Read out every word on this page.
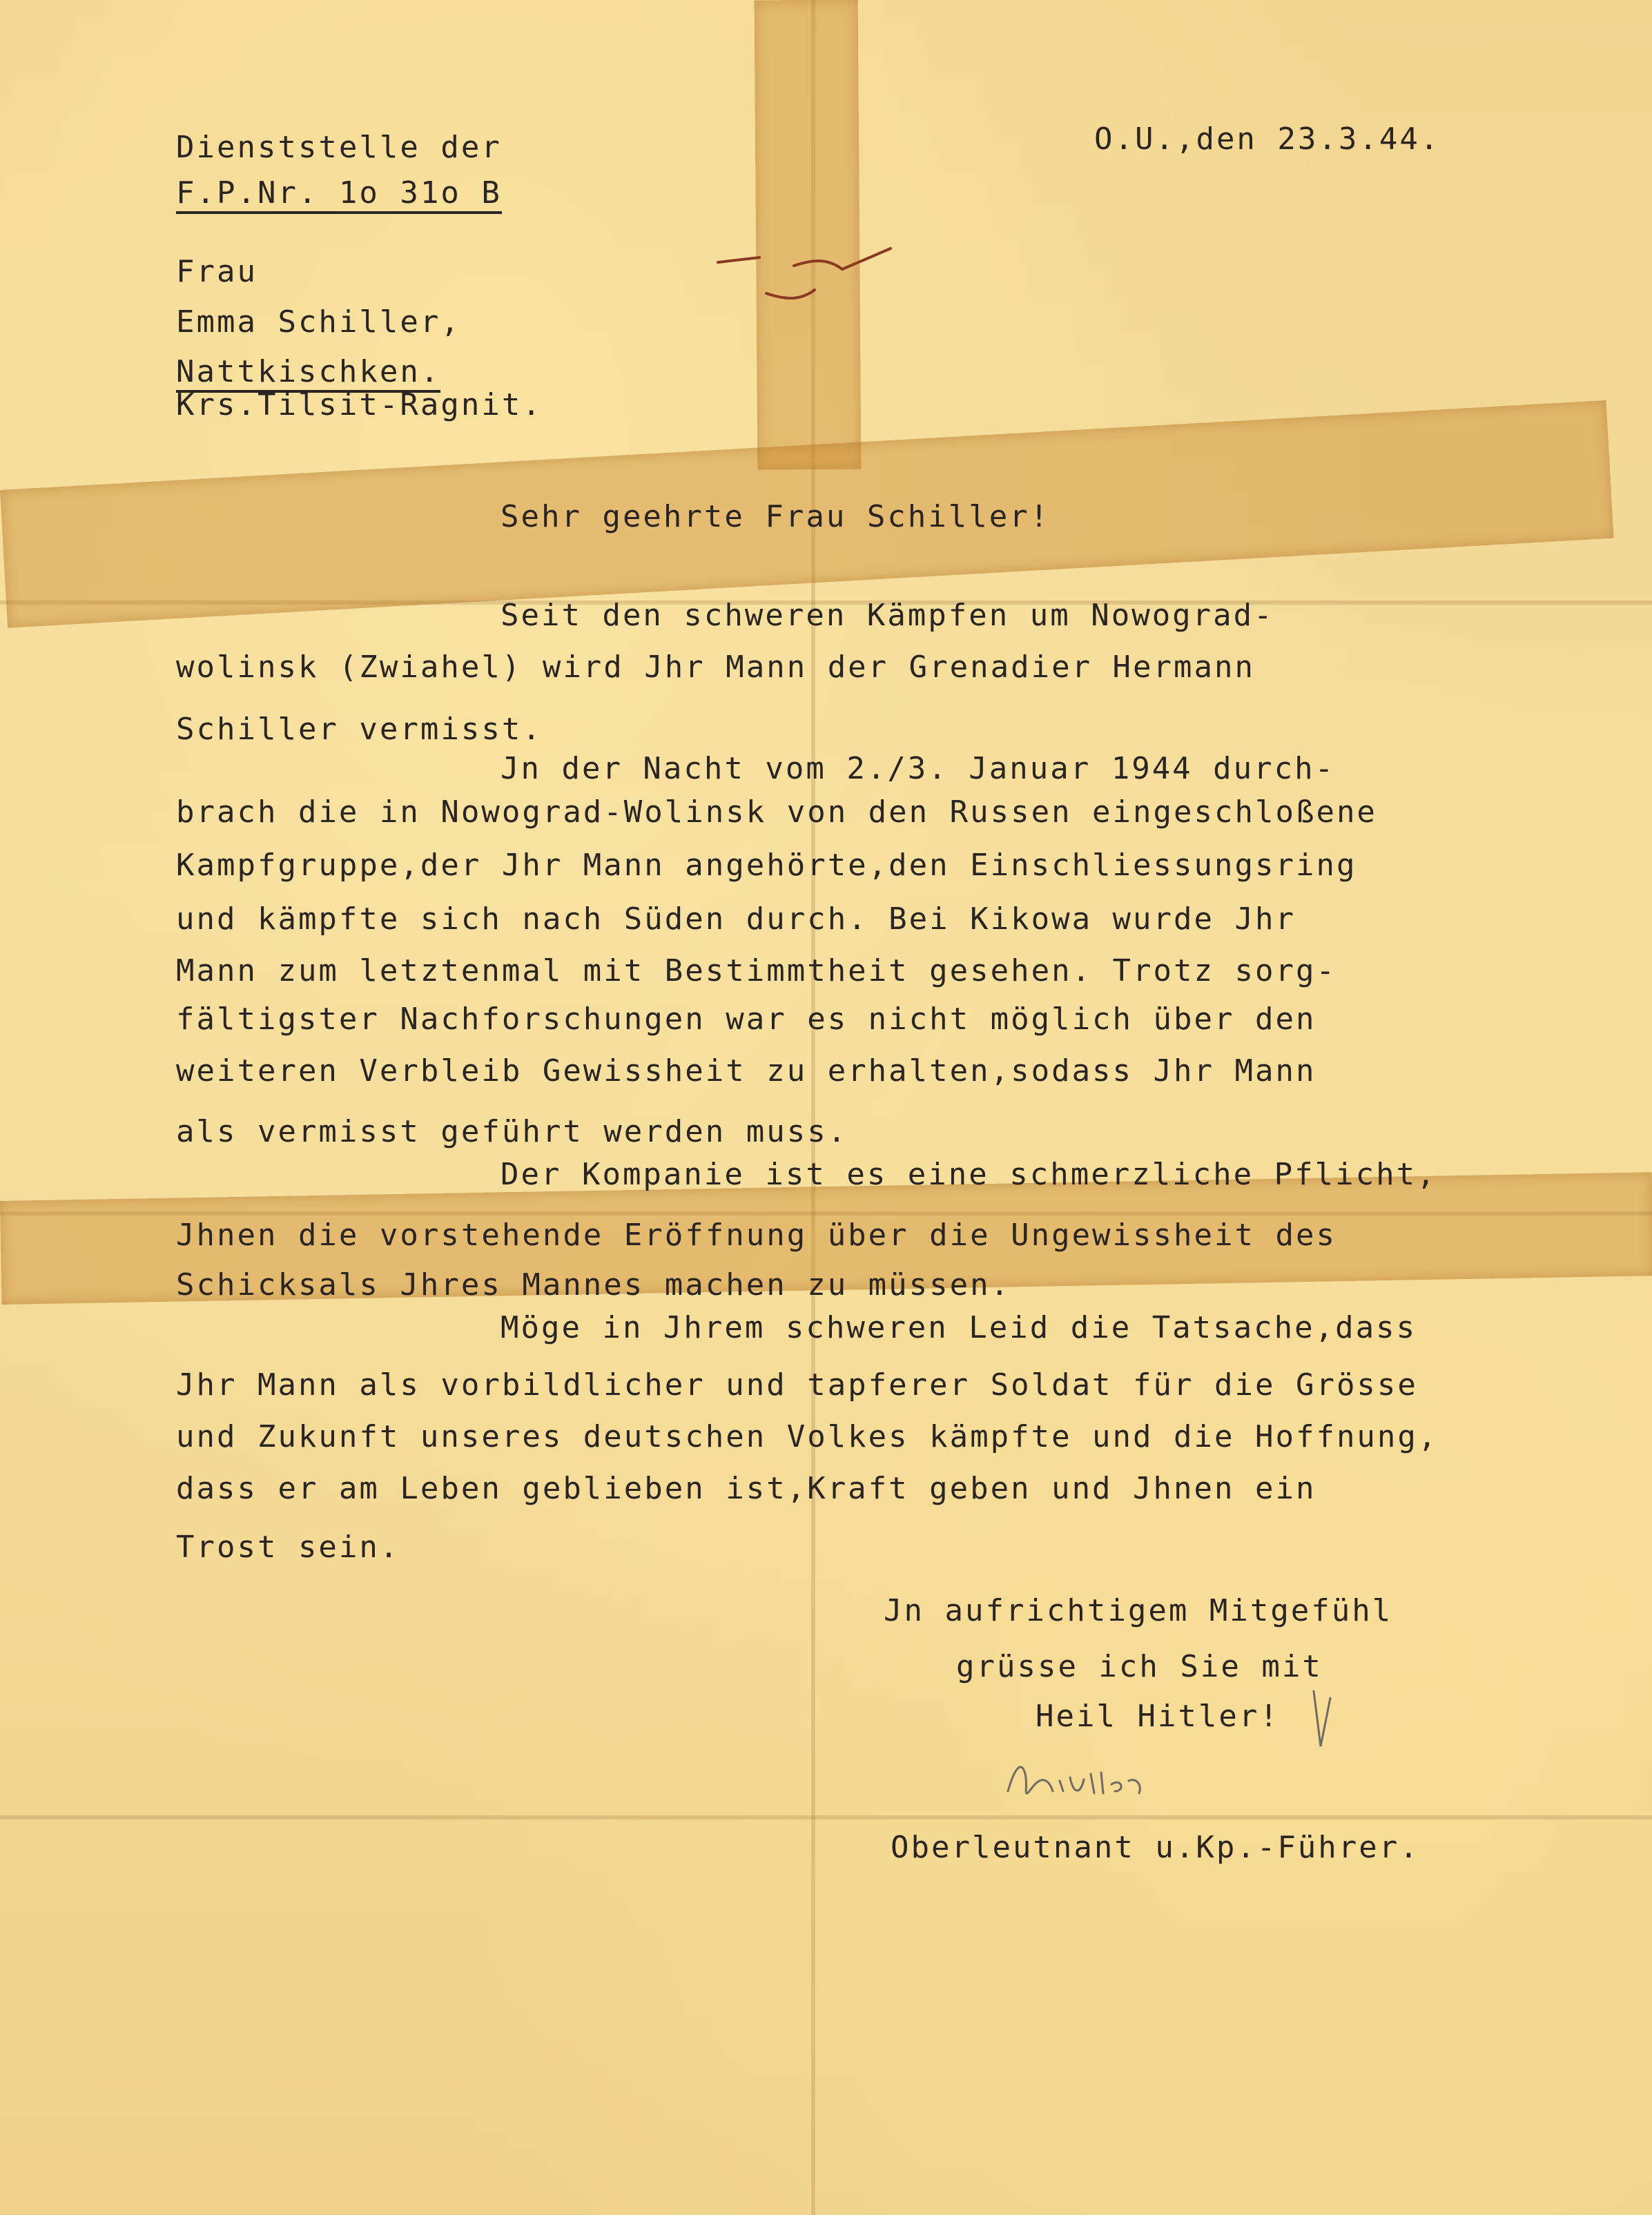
Dienststelle der
F.P.Nr. 1o 31o B
O.U.,den 23.3.44.
Frau
Emma Schiller,
Nattkischken.
Krs.Tilsit-Ragnit.
Sehr geehrte Frau Schiller!
Seit den schweren Kämpfen um Nowograd-
wolinsk (Zwiahel) wird Jhr Mann der Grenadier Hermann
Schiller vermisst.
Jn der Nacht vom 2./3. Januar 1944 durch-
brach die in Nowograd-Wolinsk von den Russen eingeschloßene
Kampfgruppe,der Jhr Mann angehörte,den Einschliessungsring
und kämpfte sich nach Süden durch. Bei Kikowa wurde Jhr
Mann zum letztenmal mit Bestimmtheit gesehen. Trotz sorg-
fältigster Nachforschungen war es nicht möglich über den
weiteren Verbleib Gewissheit zu erhalten,sodass Jhr Mann
als vermisst geführt werden muss.
Der Kompanie ist es eine schmerzliche Pflicht,
Jhnen die vorstehende Eröffnung über die Ungewissheit des
Schicksals Jhres Mannes machen zu müssen.
Möge in Jhrem schweren Leid die Tatsache,dass
Jhr Mann als vorbildlicher und tapferer Soldat für die Grösse
und Zukunft unseres deutschen Volkes kämpfte und die Hoffnung,
dass er am Leben geblieben ist,Kraft geben und Jhnen ein
Trost sein.
Jn aufrichtigem Mitgefühl
grüsse ich Sie mit
Heil Hitler!
Oberleutnant u.Kp.-Führer.
